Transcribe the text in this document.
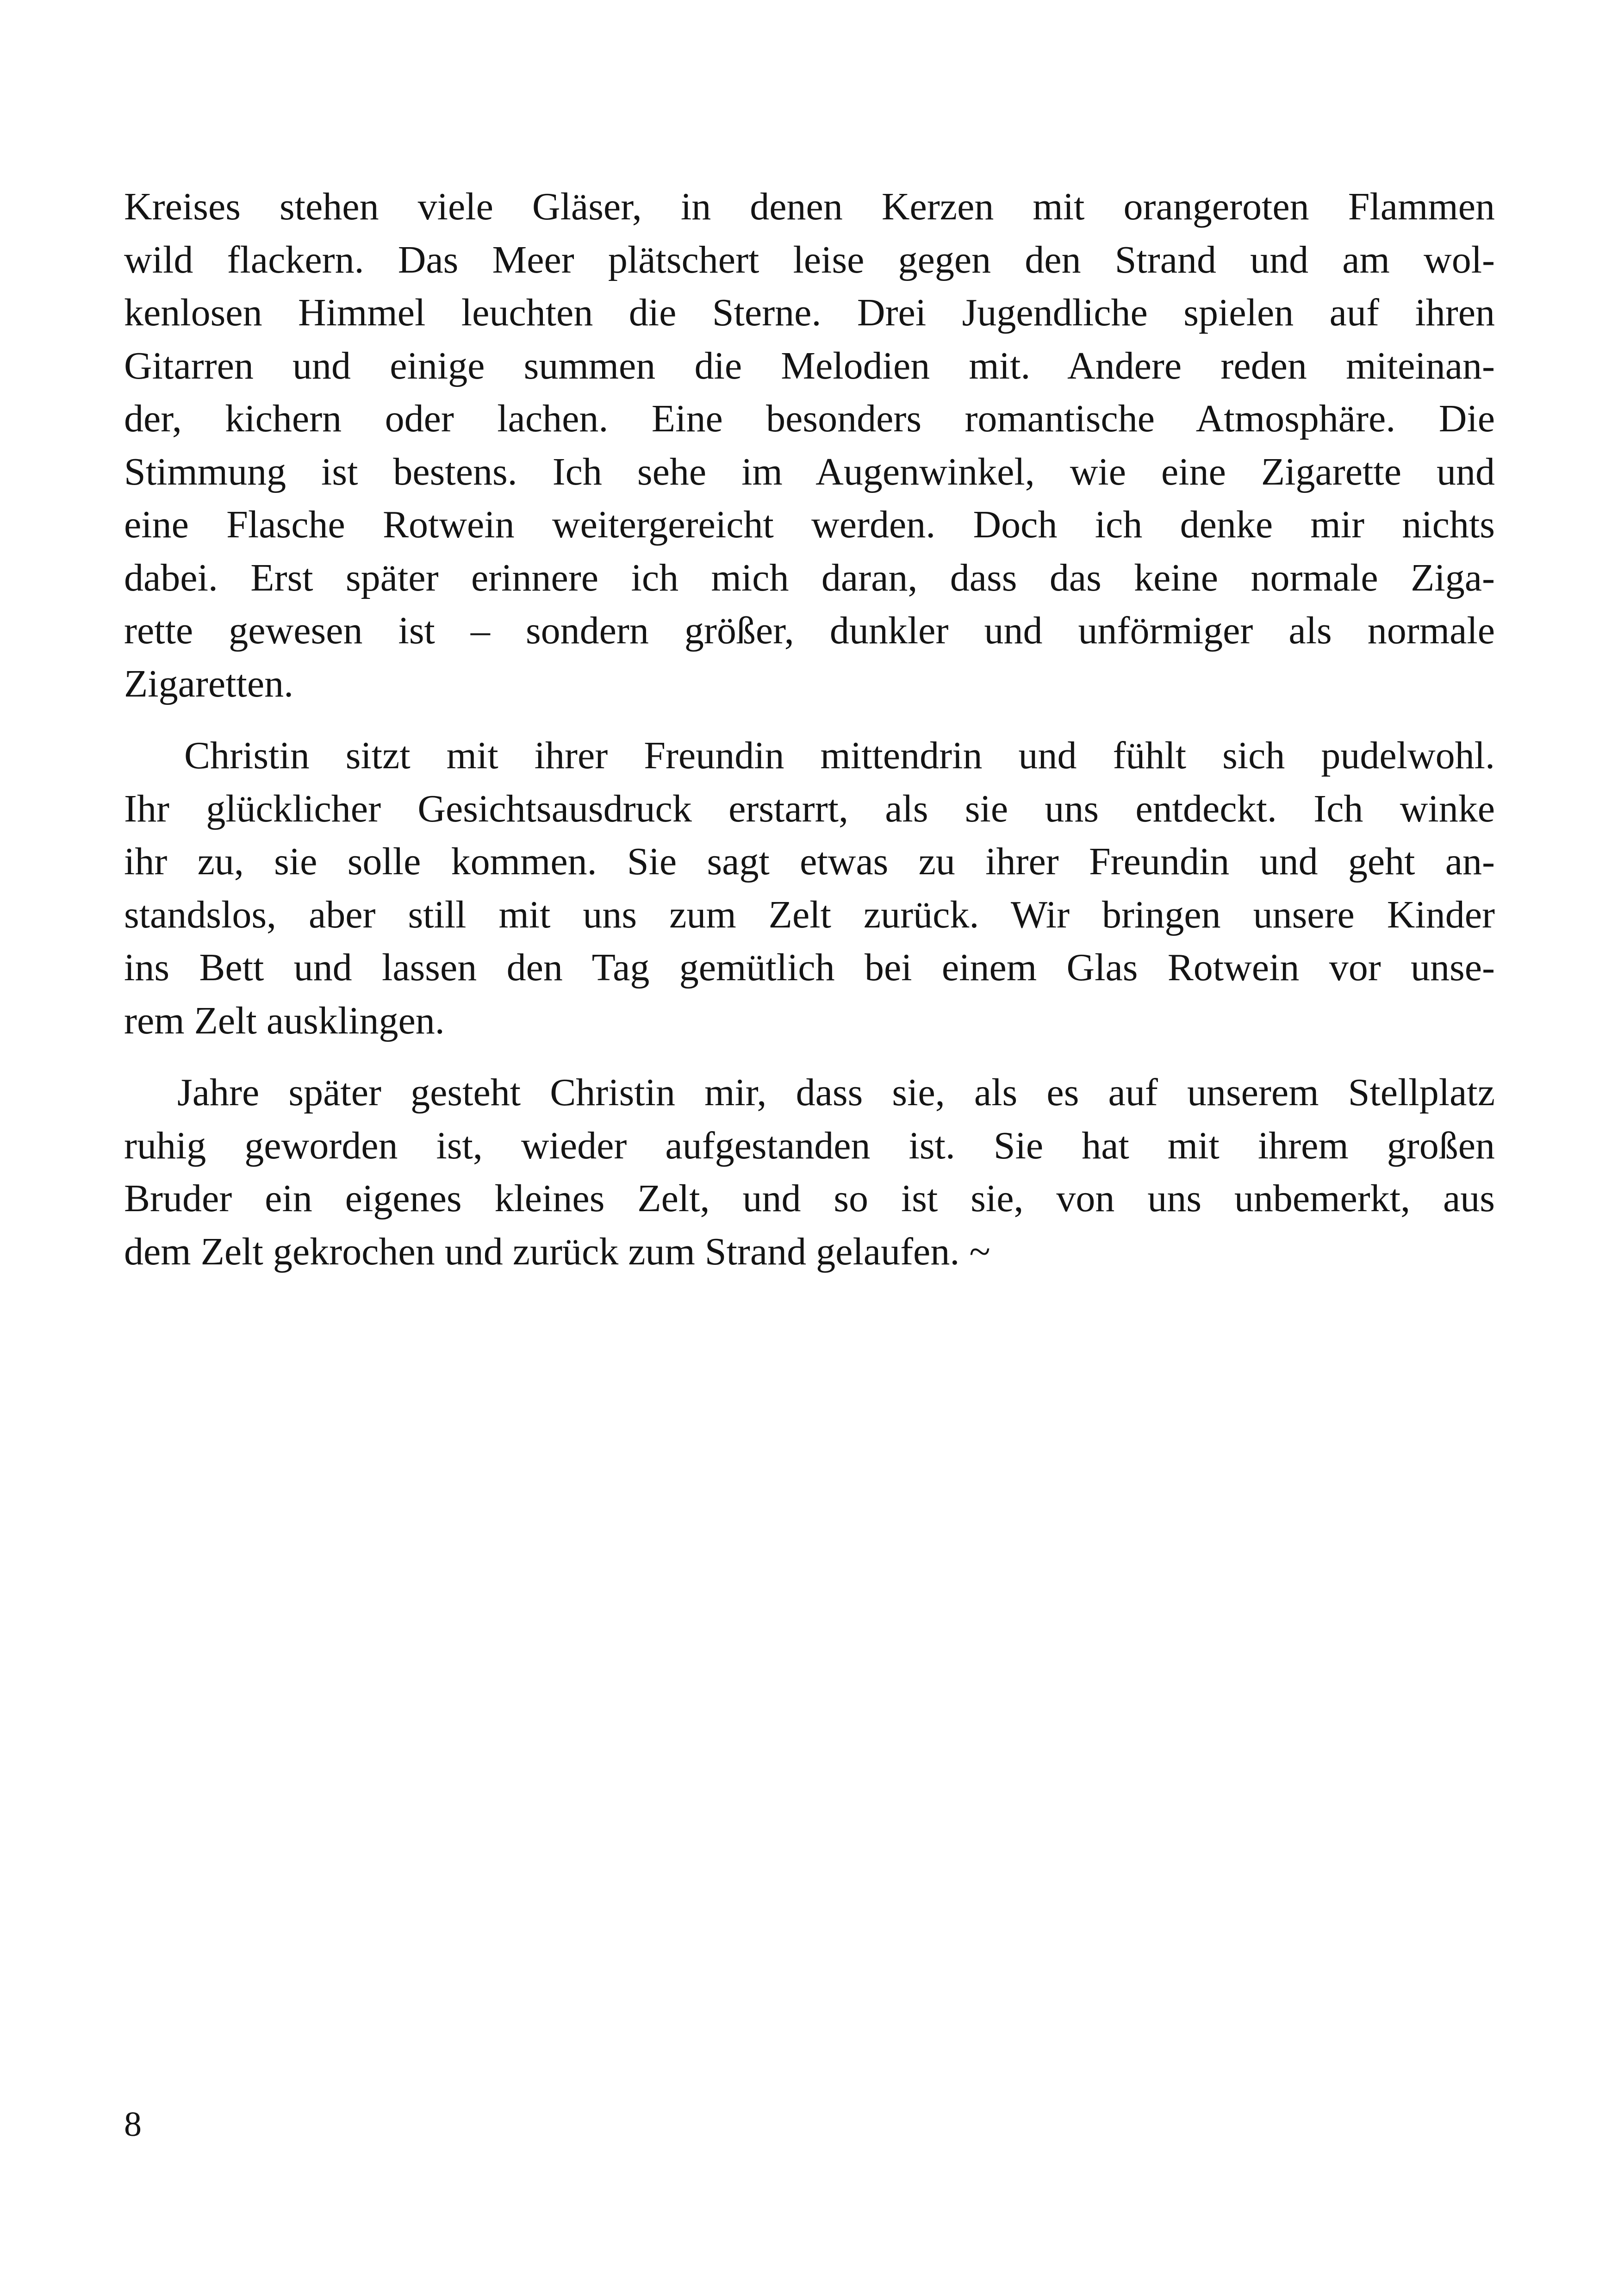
Kreises stehen viele Gläser, in denen Kerzen mit orangeroten Flammen
wild flackern. Das Meer plätschert leise gegen den Strand und am wol-
kenlosen Himmel leuchten die Sterne. Drei Jugendliche spielen auf ihren
Gitarren und einige summen die Melodien mit. Andere reden miteinan-
der, kichern oder lachen. Eine besonders romantische Atmosphäre. Die
Stimmung ist bestens. Ich sehe im Augenwinkel, wie eine Zigarette und
eine Flasche Rotwein weitergereicht werden. Doch ich denke mir nichts
dabei. Erst später erinnere ich mich daran, dass das keine normale Ziga-
rette gewesen ist – sondern größer, dunkler und unförmiger als normale
Zigaretten.
Christin sitzt mit ihrer Freundin mittendrin und fühlt sich pudelwohl.
Ihr glücklicher Gesichtsausdruck erstarrt, als sie uns entdeckt. Ich winke
ihr zu, sie solle kommen. Sie sagt etwas zu ihrer Freundin und geht an-
standslos, aber still mit uns zum Zelt zurück. Wir bringen unsere Kinder
ins Bett und lassen den Tag gemütlich bei einem Glas Rotwein vor unse-
rem Zelt ausklingen.
Jahre später gesteht Christin mir, dass sie, als es auf unserem Stellplatz
ruhig geworden ist, wieder aufgestanden ist. Sie hat mit ihrem großen
Bruder ein eigenes kleines Zelt, und so ist sie, von uns unbemerkt, aus
dem Zelt gekrochen und zurück zum Strand gelaufen. ~
8
